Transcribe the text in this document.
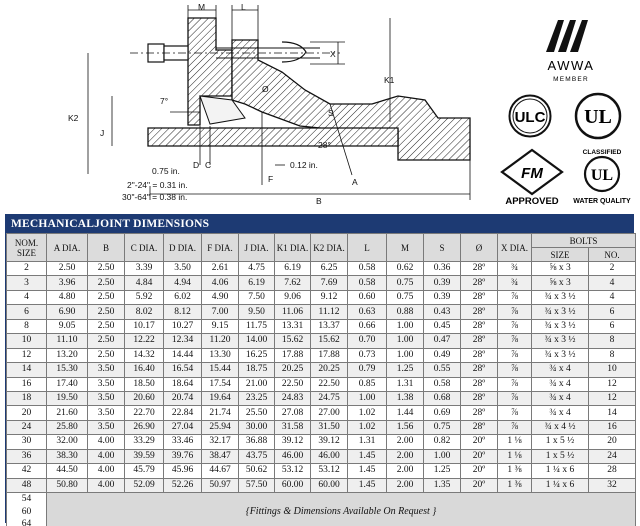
M	L
X
K1
K2
J
7°
Ø
S
28°
D C
F	A
B
0.75 in.
0.12 in.
2"-24" = 0.31 in.
30"-64" = 0.38 in.
AWWA
MEMBER
ULC UL
FM
APPROVED
CLASSIFIED
UL
WATER QUALITY
MECHANICALJOINT DIMENSIONS
NOM. SIZE	A DIA.	B	C DIA.	D DIA.	F DIA.	J DIA.	K1 DIA.	K2 DIA.	L	M	S	Ø	X DIA.	BOLTS	
														SIZE	NO.
2	2.50	2.50	3.39	3.50	2.61	4.75	6.19	6.25	0.58	0.62	0.36	28º	¾	⅝ x 3	2
3	3.96	2.50	4.84	4.94	4.06	6.19	7.62	7.69	0.58	0.75	0.39	28º	¾	⅝ x 3	4
4	4.80	2.50	5.92	6.02	4.90	7.50	9.06	9.12	0.60	0.75	0.39	28º	⅞	¾ x 3 ½	4
6	6.90	2.50	8.02	8.12	7.00	9.50	11.06	11.12	0.63	0.88	0.43	28º	⅞	¾ x 3 ½	6
8	9.05	2.50	10.17	10.27	9.15	11.75	13.31	13.37	0.66	1.00	0.45	28º	⅞	¾ x 3 ½	6
10	11.10	2.50	12.22	12.34	11.20	14.00	15.62	15.62	0.70	1.00	0.47	28º	⅞	¾ x 3 ½	8
12	13.20	2.50	14.32	14.44	13.30	16.25	17.88	17.88	0.73	1.00	0.49	28º	⅞	¾ x 3 ½	8
14	15.30	3.50	16.40	16.54	15.44	18.75	20.25	20.25	0.79	1.25	0.55	28º	⅞	¾ x 4	10
16	17.40	3.50	18.50	18.64	17.54	21.00	22.50	22.50	0.85	1.31	0.58	28º	⅞	¾ x 4	12
18	19.50	3.50	20.60	20.74	19.64	23.25	24.83	24.75	1.00	1.38	0.68	28º	⅞	¾ x 4	12
20	21.60	3.50	22.70	22.84	21.74	25.50	27.08	27.00	1.02	1.44	0.69	28º	⅞	¾ x 4	14
24	25.80	3.50	26.90	27.04	25.94	30.00	31.58	31.50	1.02	1.56	0.75	28º	⅞	¾ x 4 ½	16
30	32.00	4.00	33.29	33.46	32.17	36.88	39.12	39.12	1.31	2.00	0.82	20º	1 ⅛	1 x 5 ½	20
36	38.30	4.00	39.59	39.76	38.47	43.75	46.00	46.00	1.45	2.00	1.00	20º	1 ⅛	1 x 5 ½	24
42	44.50	4.00	45.79	45.96	44.67	50.62	53.12	53.12	1.45	2.00	1.25	20º	1 ⅜	1 ¼ x 6	28
48	50.80	4.00	52.09	52.26	50.97	57.50	60.00	60.00	1.45	2.00	1.35	20º	1 ⅜	1 ¼ x 6	32

54
60
64	{Fittings & Dimensions Available On Request }														
